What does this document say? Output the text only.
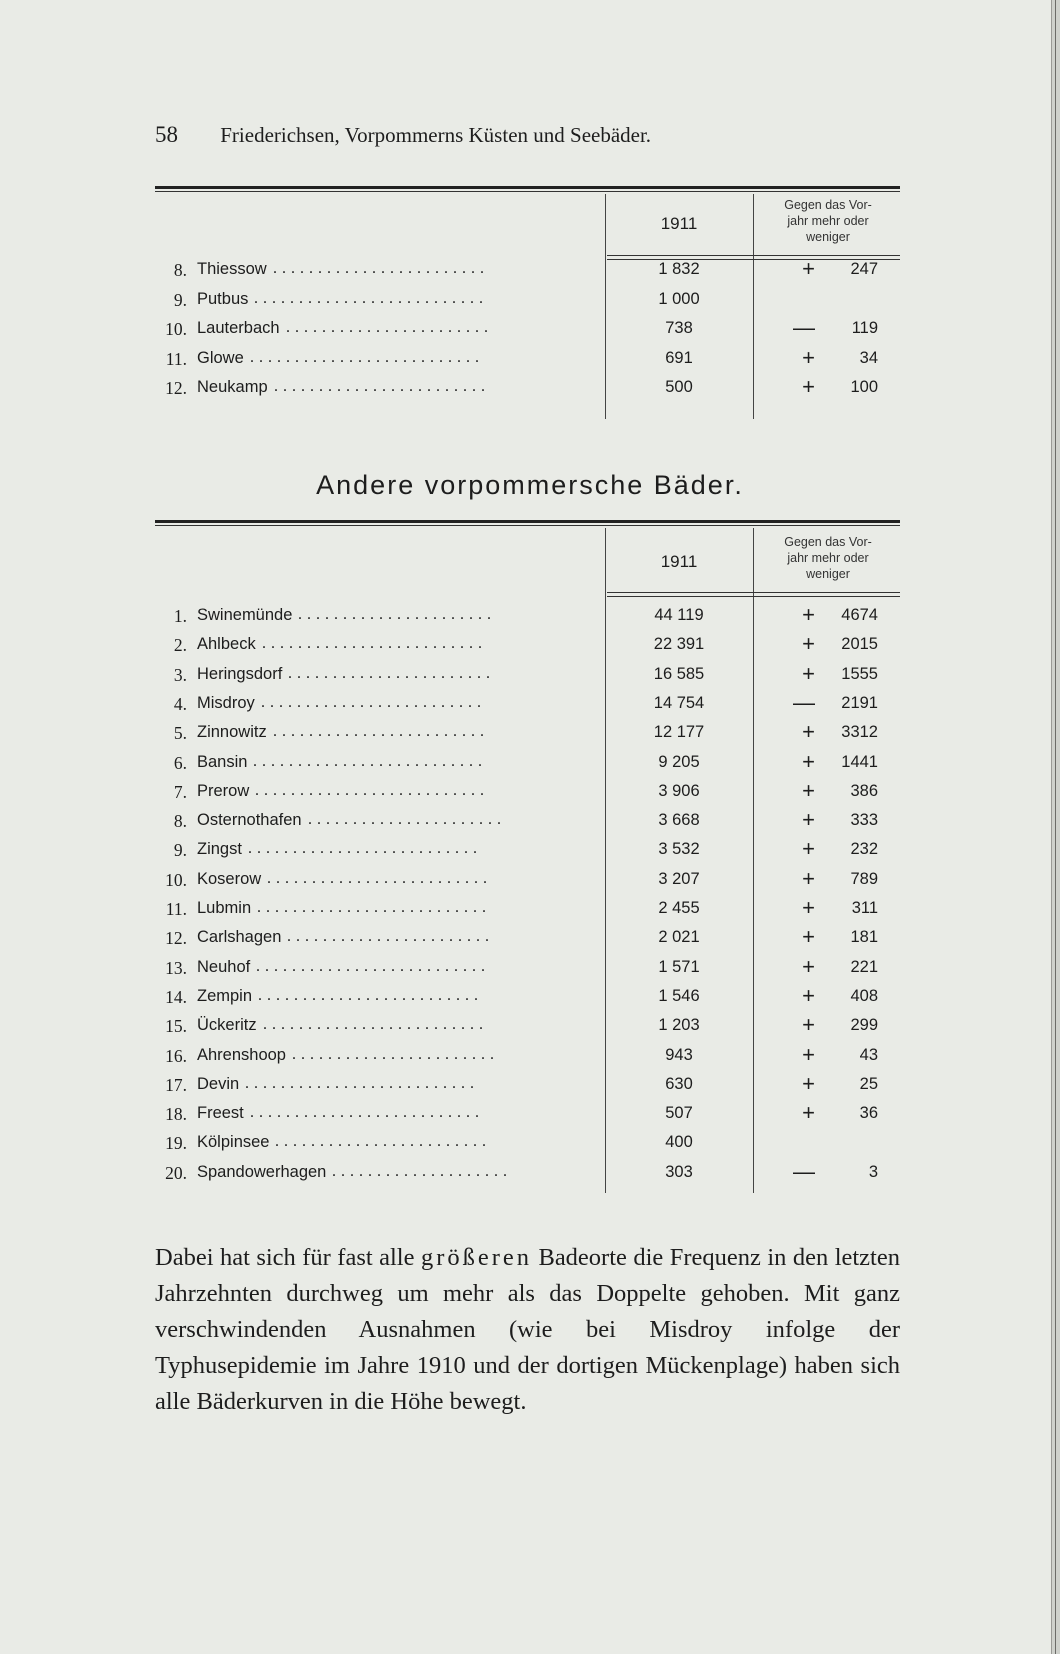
58 Friederichsen, Vorpommerns Küsten und Seebäder.
1911
Gegen das Vor-
jahr mehr oder
weniger
8. Thiessow ........................	1 832	+	247
9. Putbus ..........................	1 000
10. Lauterbach .......................	738	—	119
11. Glowe ..........................	691	+	34
12. Neukamp ........................	500	+	100
Andere vorpommersche Bäder.
1911
Gegen das Vor-
jahr mehr oder
weniger
1. Swinemünde ......................	44 119	+	4674
2. Ahlbeck .........................	22 391	+	2015
3. Heringsdorf .......................	16 585	+	1555
4. Misdroy .........................	14 754	—	2191
5. Zinnowitz ........................	12 177	+	3312
6. Bansin ..........................	9 205	+	1441
7. Prerow ..........................	3 906	+	386
8. Osternothafen ......................	3 668	+	333
9. Zingst ..........................	3 532	+	232
10. Koserow .........................	3 207	+	789
11. Lubmin ..........................	2 455	+	311
12. Carlshagen .......................	2 021	+	181
13. Neuhof ..........................	1 571	+	221
14. Zempin .........................	1 546	+	408
15. Ückeritz .........................	1 203	+	299
16. Ahrenshoop .......................	943	+	43
17. Devin ..........................	630	+	25
18. Freest ..........................	507	+	36
19. Kölpinsee ........................	400
20. Spandowerhagen ....................	303	—	3
Dabei hat sich für fast alle größeren Badeorte die Frequenz in den letzten Jahrzehnten durchweg um mehr als das Doppelte gehoben. Mit ganz verschwindenden Ausnahmen (wie bei Misdroy infolge der Typhusepidemie im Jahre 1910 und der dortigen Mückenplage) haben sich alle Bäderkurven in die Höhe bewegt.
